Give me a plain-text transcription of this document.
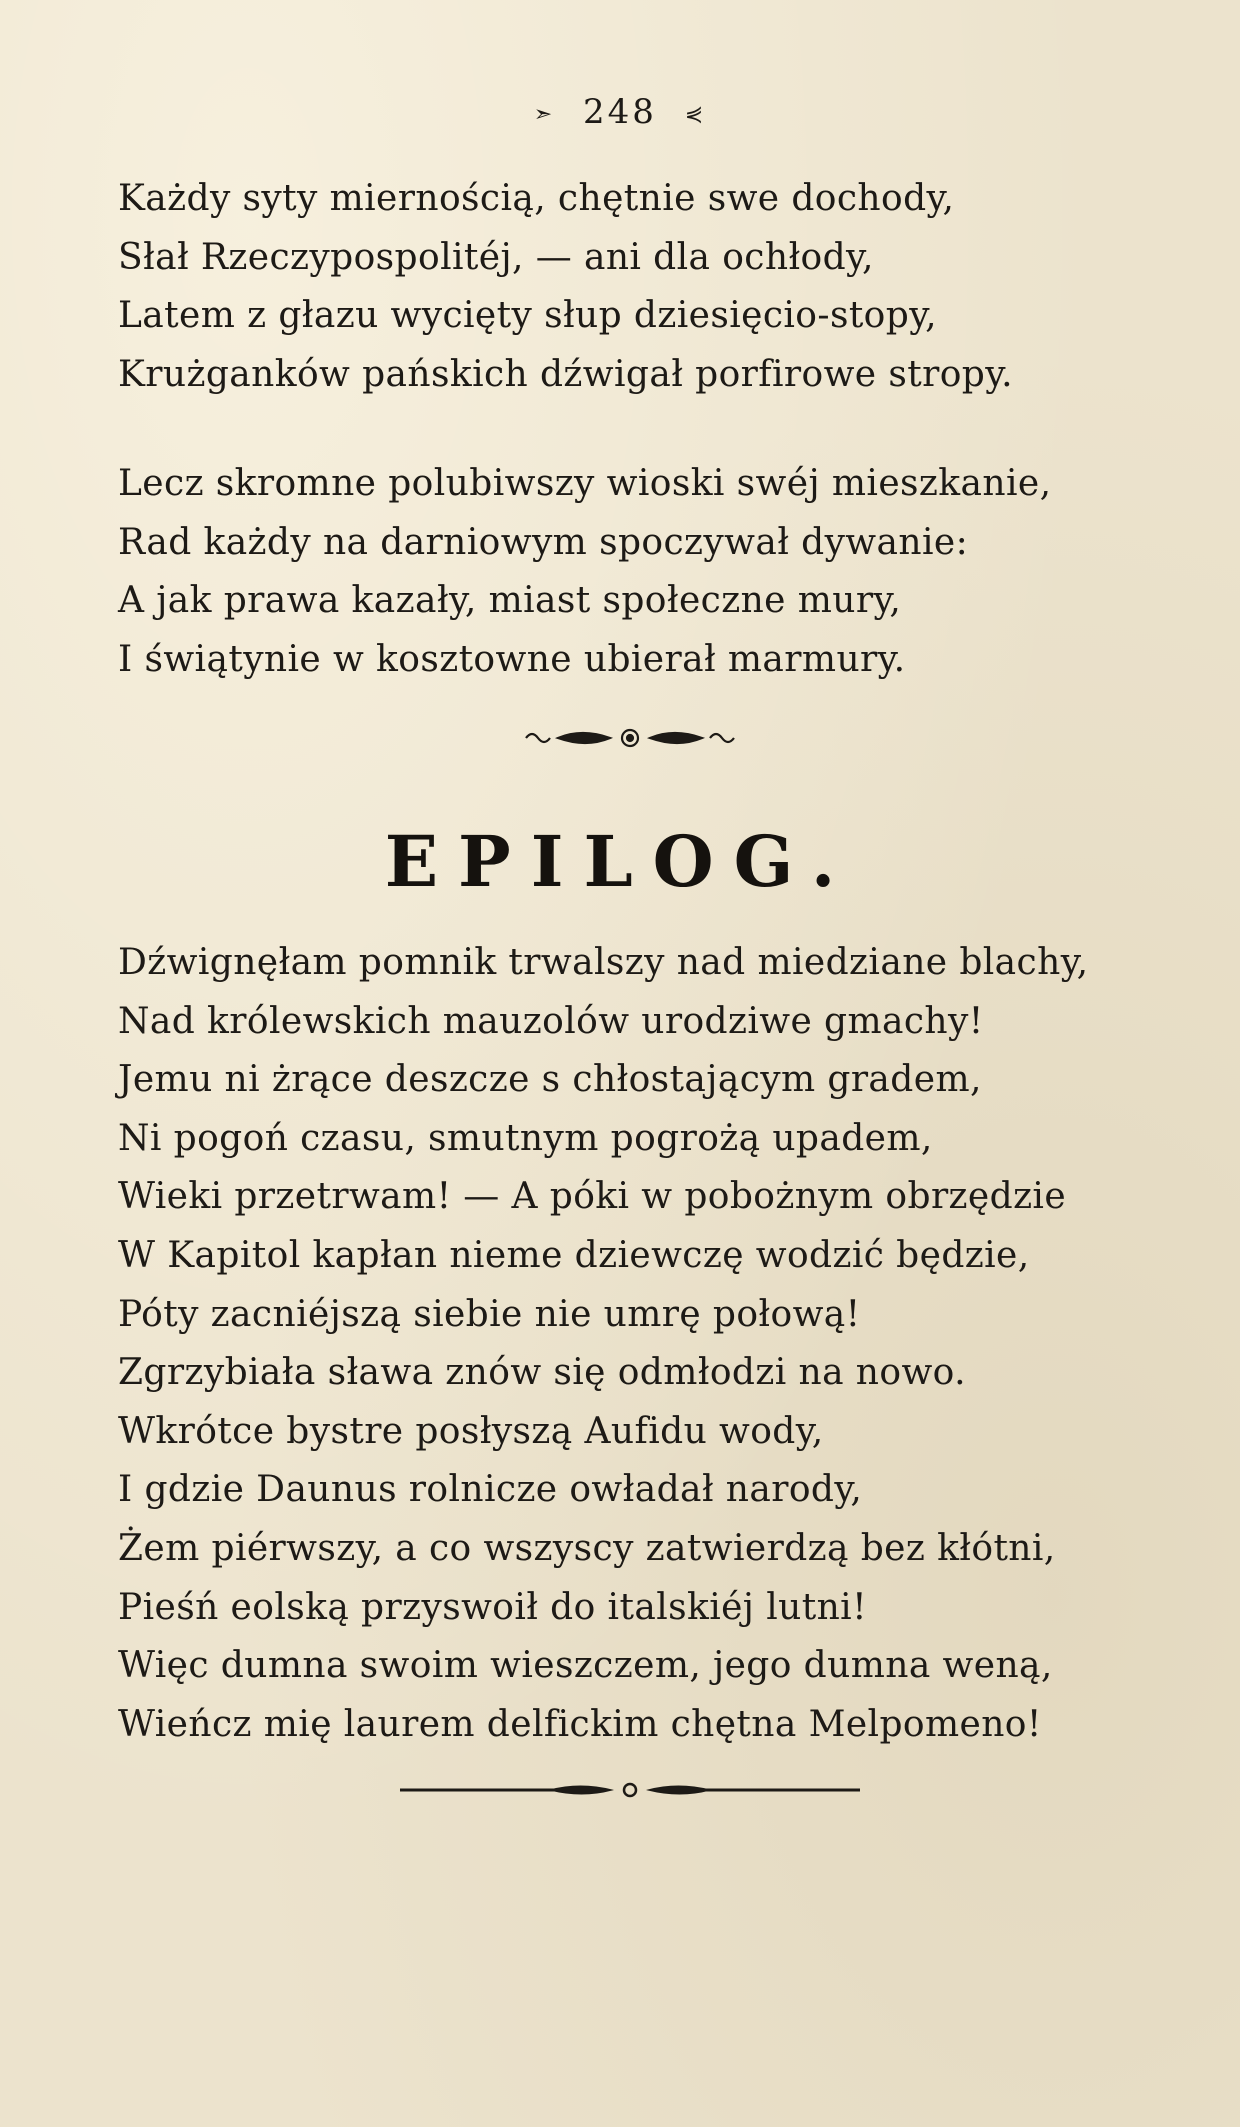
➣ 248 ⋞
Każdy syty miernością, chętnie swe dochody,
Słał Rzeczypospolitéj, — ani dla ochłody,
Latem z głazu wycięty słup dziesięcio-stopy,
Krużganków pańskich dźwigał porfirowe stropy.
Lecz skromne polubiwszy wioski swéj mieszkanie,
Rad każdy na darniowym spoczywał dywanie:
A jak prawa kazały, miast społeczne mury,
I świątynie w kosztowne ubierał marmury.
EPILOG.
Dźwignęłam pomnik trwalszy nad miedziane blachy,
Nad królewskich mauzolów urodziwe gmachy!
Jemu ni żrące deszcze s chłostającym gradem,
Ni pogoń czasu, smutnym pogrożą upadem,
Wieki przetrwam! — A póki w pobożnym obrzędzie
W Kapitol kapłan nieme dziewczę wodzić będzie,
Póty zacniéjszą siebie nie umrę połową!
Zgrzybiała sława znów się odmłodzi na nowo.
Wkrótce bystre posłyszą Aufidu wody,
I gdzie Daunus rolnicze owładał narody,
Żem piérwszy, a co wszyscy zatwierdzą bez kłótni,
Pieśń eolską przyswoił do italskiéj lutni!
Więc dumna swoim wieszczem, jego dumna weną,
Wieńcz mię laurem delfickim chętna Melpomeno!
